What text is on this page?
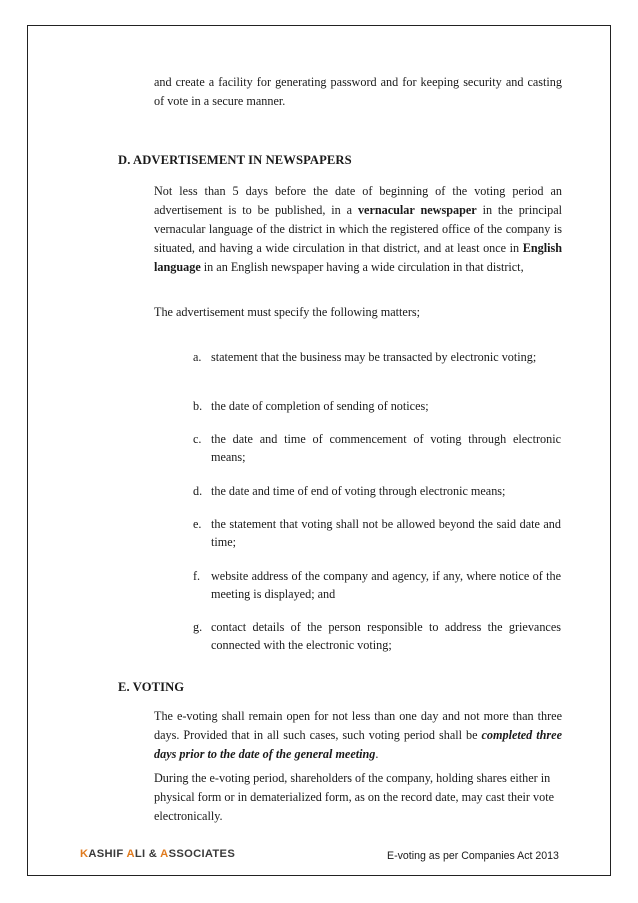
and create a facility for generating password and for keeping security and casting of vote in a secure manner.

D. ADVERTISEMENT IN NEWSPAPERS

Not less than 5 days before the date of beginning of the voting period an advertisement is to be published, in a vernacular newspaper in the principal vernacular language of the district in which the registered office of the company is situated, and having a wide circulation in that district, and at least once in English language in an English newspaper having a wide circulation in that district,

The advertisement must specify the following matters;

a. statement that the business may be transacted by electronic voting;
b. the date of completion of sending of notices;
c. the date and time of commencement of voting through electronic means;
d. the date and time of end of voting through electronic means;
e. the statement that voting shall not be allowed beyond the said date and time;
f. website address of the company and agency, if any, where notice of the meeting is displayed; and
g. contact details of the person responsible to address the grievances connected with the electronic voting;
E. VOTING

The e-voting shall remain open for not less than one day and not more than three days. Provided that in all such cases, such voting period shall be completed three days prior to the date of the general meeting.

During the e-voting period, shareholders of the company, holding shares either in physical form or in dematerialized form, as on the record date, may cast their vote electronically.

KASHIF ALI & ASSOCIATES	E-voting as per Companies Act 2013
